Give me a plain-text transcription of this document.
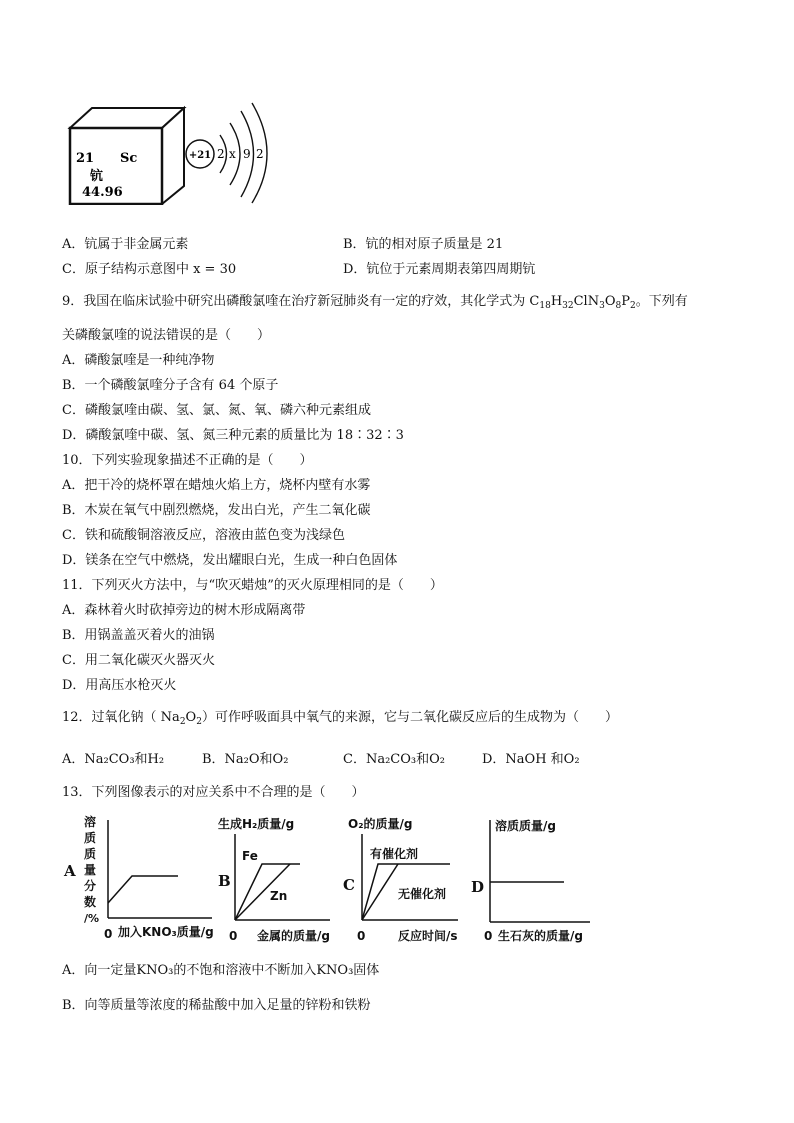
21 Sc
钪
44.96
+21 2 x 9 2
A．钪属于非金属元素	B．钪的相对原子质量是 21
C．原子结构示意图中 x = 30	D．钪位于元素周期表第四周期钪
9．我国在临床试验中研究出磷酸氯喹在治疗新冠肺炎有一定的疗效，其化学式为 $C_{18}H_{32}ClN_3O_8P_2$。下列有
关磷酸氯喹的说法错误的是（　　）
A．磷酸氯喹是一种纯净物
B．一个磷酸氯喹分子含有 64 个原子
C．磷酸氯喹由碳、氢、氯、氮、氧、磷六种元素组成
D．磷酸氯喹中碳、氢、氮三种元素的质量比为 18∶32∶3
10．下列实验现象描述不正确的是（　　）
A．把干冷的烧杯罩在蜡烛火焰上方，烧杯内壁有水雾
B．木炭在氧气中剧烈燃烧，发出白光，产生二氧化碳
C．铁和硫酸铜溶液反应，溶液由蓝色变为浅绿色
D．镁条在空气中燃烧，发出耀眼白光，生成一种白色固体
11．下列灭火方法中，与“吹灭蜡烛”的灭火原理相同的是（　　）
A．森林着火时砍掉旁边的树木形成隔离带
B．用锅盖盖灭着火的油锅
C．用二氧化碳灭火器灭火
D．用高压水枪灭火
12．过氧化钠（ $Na_2O_2$）可作呼吸面具中氧气的来源，它与二氧化碳反应后的生成物为（　　）
A．Na₂CO₃和H₂	B．Na₂O和O₂	C．Na₂CO₃和O₂	D．NaOH 和O₂
13．下列图像表示的对应关系中不合理的是（　　）
A
溶
质
质
量
分
数
/%
0 加入KNO₃质量/g
B
生成H₂质量/g
Fe
Zn
0 金属的质量/g
C
O₂的质量/g
有催化剂
无催化剂
0	反应时间/s
D
溶质质量/g
0 生石灰的质量/g
A．向一定量KNO₃的不饱和溶液中不断加入KNO₃固体
B．向等质量等浓度的稀盐酸中加入足量的锌粉和铁粉
